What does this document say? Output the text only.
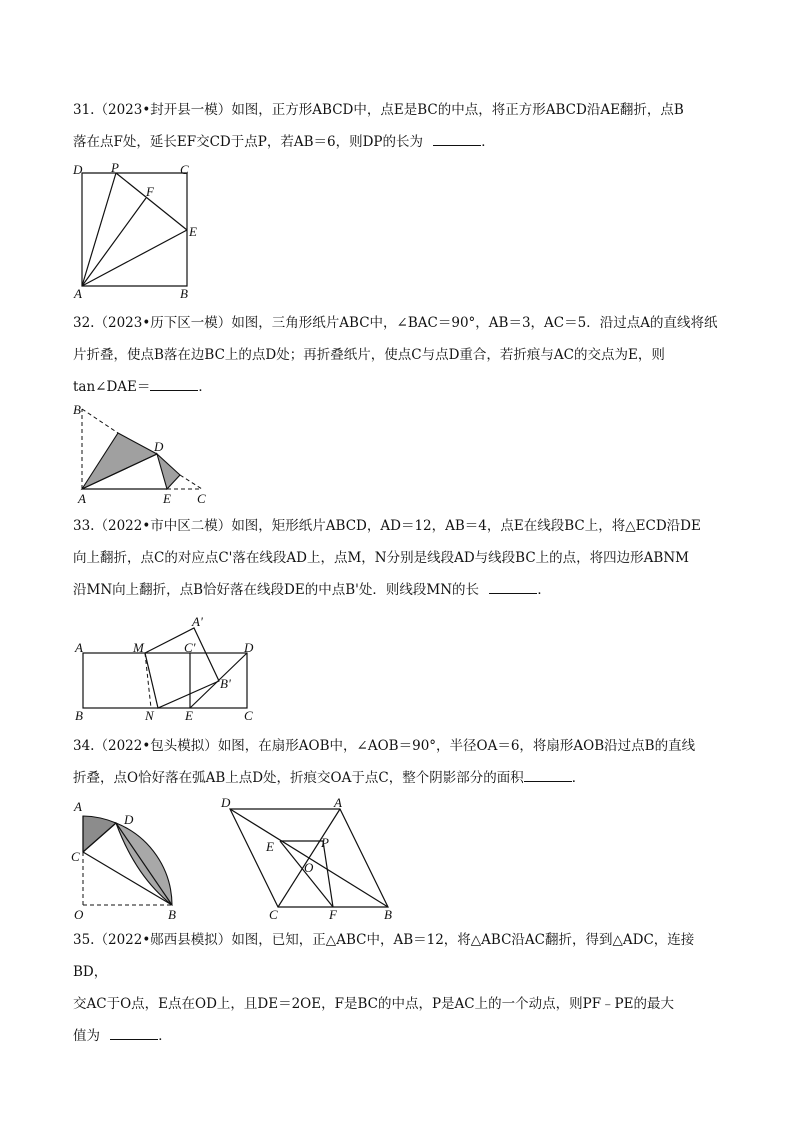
31.（2023•封开县一模）如图，正方形ABCD中，点E是BC的中点，将正方形ABCD沿AE翻折，点B
落在点F处，延长EF交CD于点P，若AB＝6，则DP的长为	．
D P	C
F
E
A	B
32.（2023•历下区一模）如图，三角形纸片ABC中，∠BAC＝90°，AB＝3，AC＝5．沿过点A的直线将纸
片折叠，使点B落在边BC上的点D处；再折叠纸片，使点C与点D重合，若折痕与AC的交点为E，则
tan∠DAE＝	．
B
D
A	E C
33.（2022•市中区二模）如图，矩形纸片ABCD，AD＝12，AB＝4，点E在线段BC上，将△ECD沿DE
向上翻折，点C的对应点C'落在线段AD上，点M，N分别是线段AD与线段BC上的点，将四边形ABNM
沿MN向上翻折，点B恰好落在线段DE的中点B'处．则线段MN的长	．
A	M
A'
C'	D
B'
B	N E	C
34.（2022•包头模拟）如图，在扇形AOB中，∠AOB＝90°，半径OA＝6，将扇形AOB沿过点B的直线
折叠，点O恰好落在弧AB上点D处，折痕交OA于点C，整个阴影部分的面积	．
A
D
C
O	B
D	A
E	P
O
C	F	B
35.（2022•郧西县模拟）如图，已知，正△ABC中，AB＝12，将△ABC沿AC翻折，得到△ADC，连接BD，
交AC于O点，E点在OD上，且DE＝2OE，F是BC的中点，P是AC上的一个动点，则PF﹣PE的最大
值为	．
